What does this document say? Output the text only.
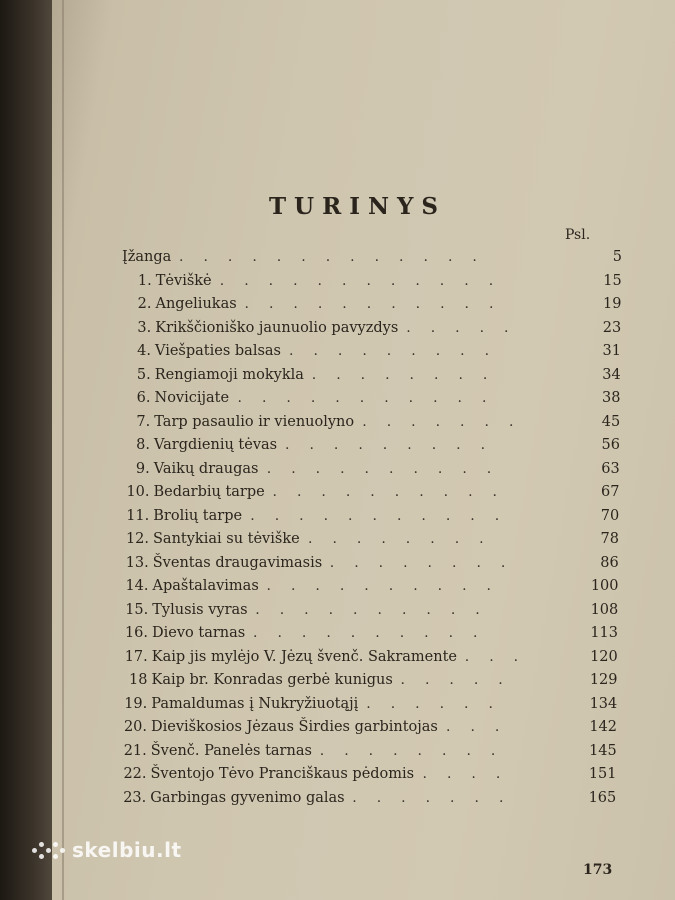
TURINYS
Psl.
Įžanga .............	5
1. Tėviškė ............	15
2. Angeliukas ...........	19
3. Krikščioniško jaunuolio pavyzdys .....	23
4. Viešpaties balsas .........	31
5. Rengiamoji mokykla ........	34
6. Novicijate ...........	38
7. Tarp pasaulio ir vienuolyno .......	45
8. Vargdienių tėvas .........	56
9. Vaikų draugas ..........	63
10. Bedarbių tarpe ..........	67
11. Brolių tarpe ...........	70
12. Santykiai su tėviške ........	78
13. Šventas draugavimasis ........	86
14. Apaštalavimas ..........	100
15. Tylusis vyras ..........	108
16. Dievo tarnas ..........	113
17. Kaip jis mylėjo V. Jėzų švenč. Sakramente ...	120
18 Kaip br. Konradas gerbė kunigus .....	129
19. Pamaldumas į Nukryžiuotąjį ......	134
20. Dieviškosios Jėzaus Širdies garbintojas ...	142
21. Švenč. Panelės tarnas ........	145
22. Šventojo Tėvo Pranciškaus pėdomis ....	151
23. Garbingas gyvenimo galas .......	165
173
skelbiu.lt
